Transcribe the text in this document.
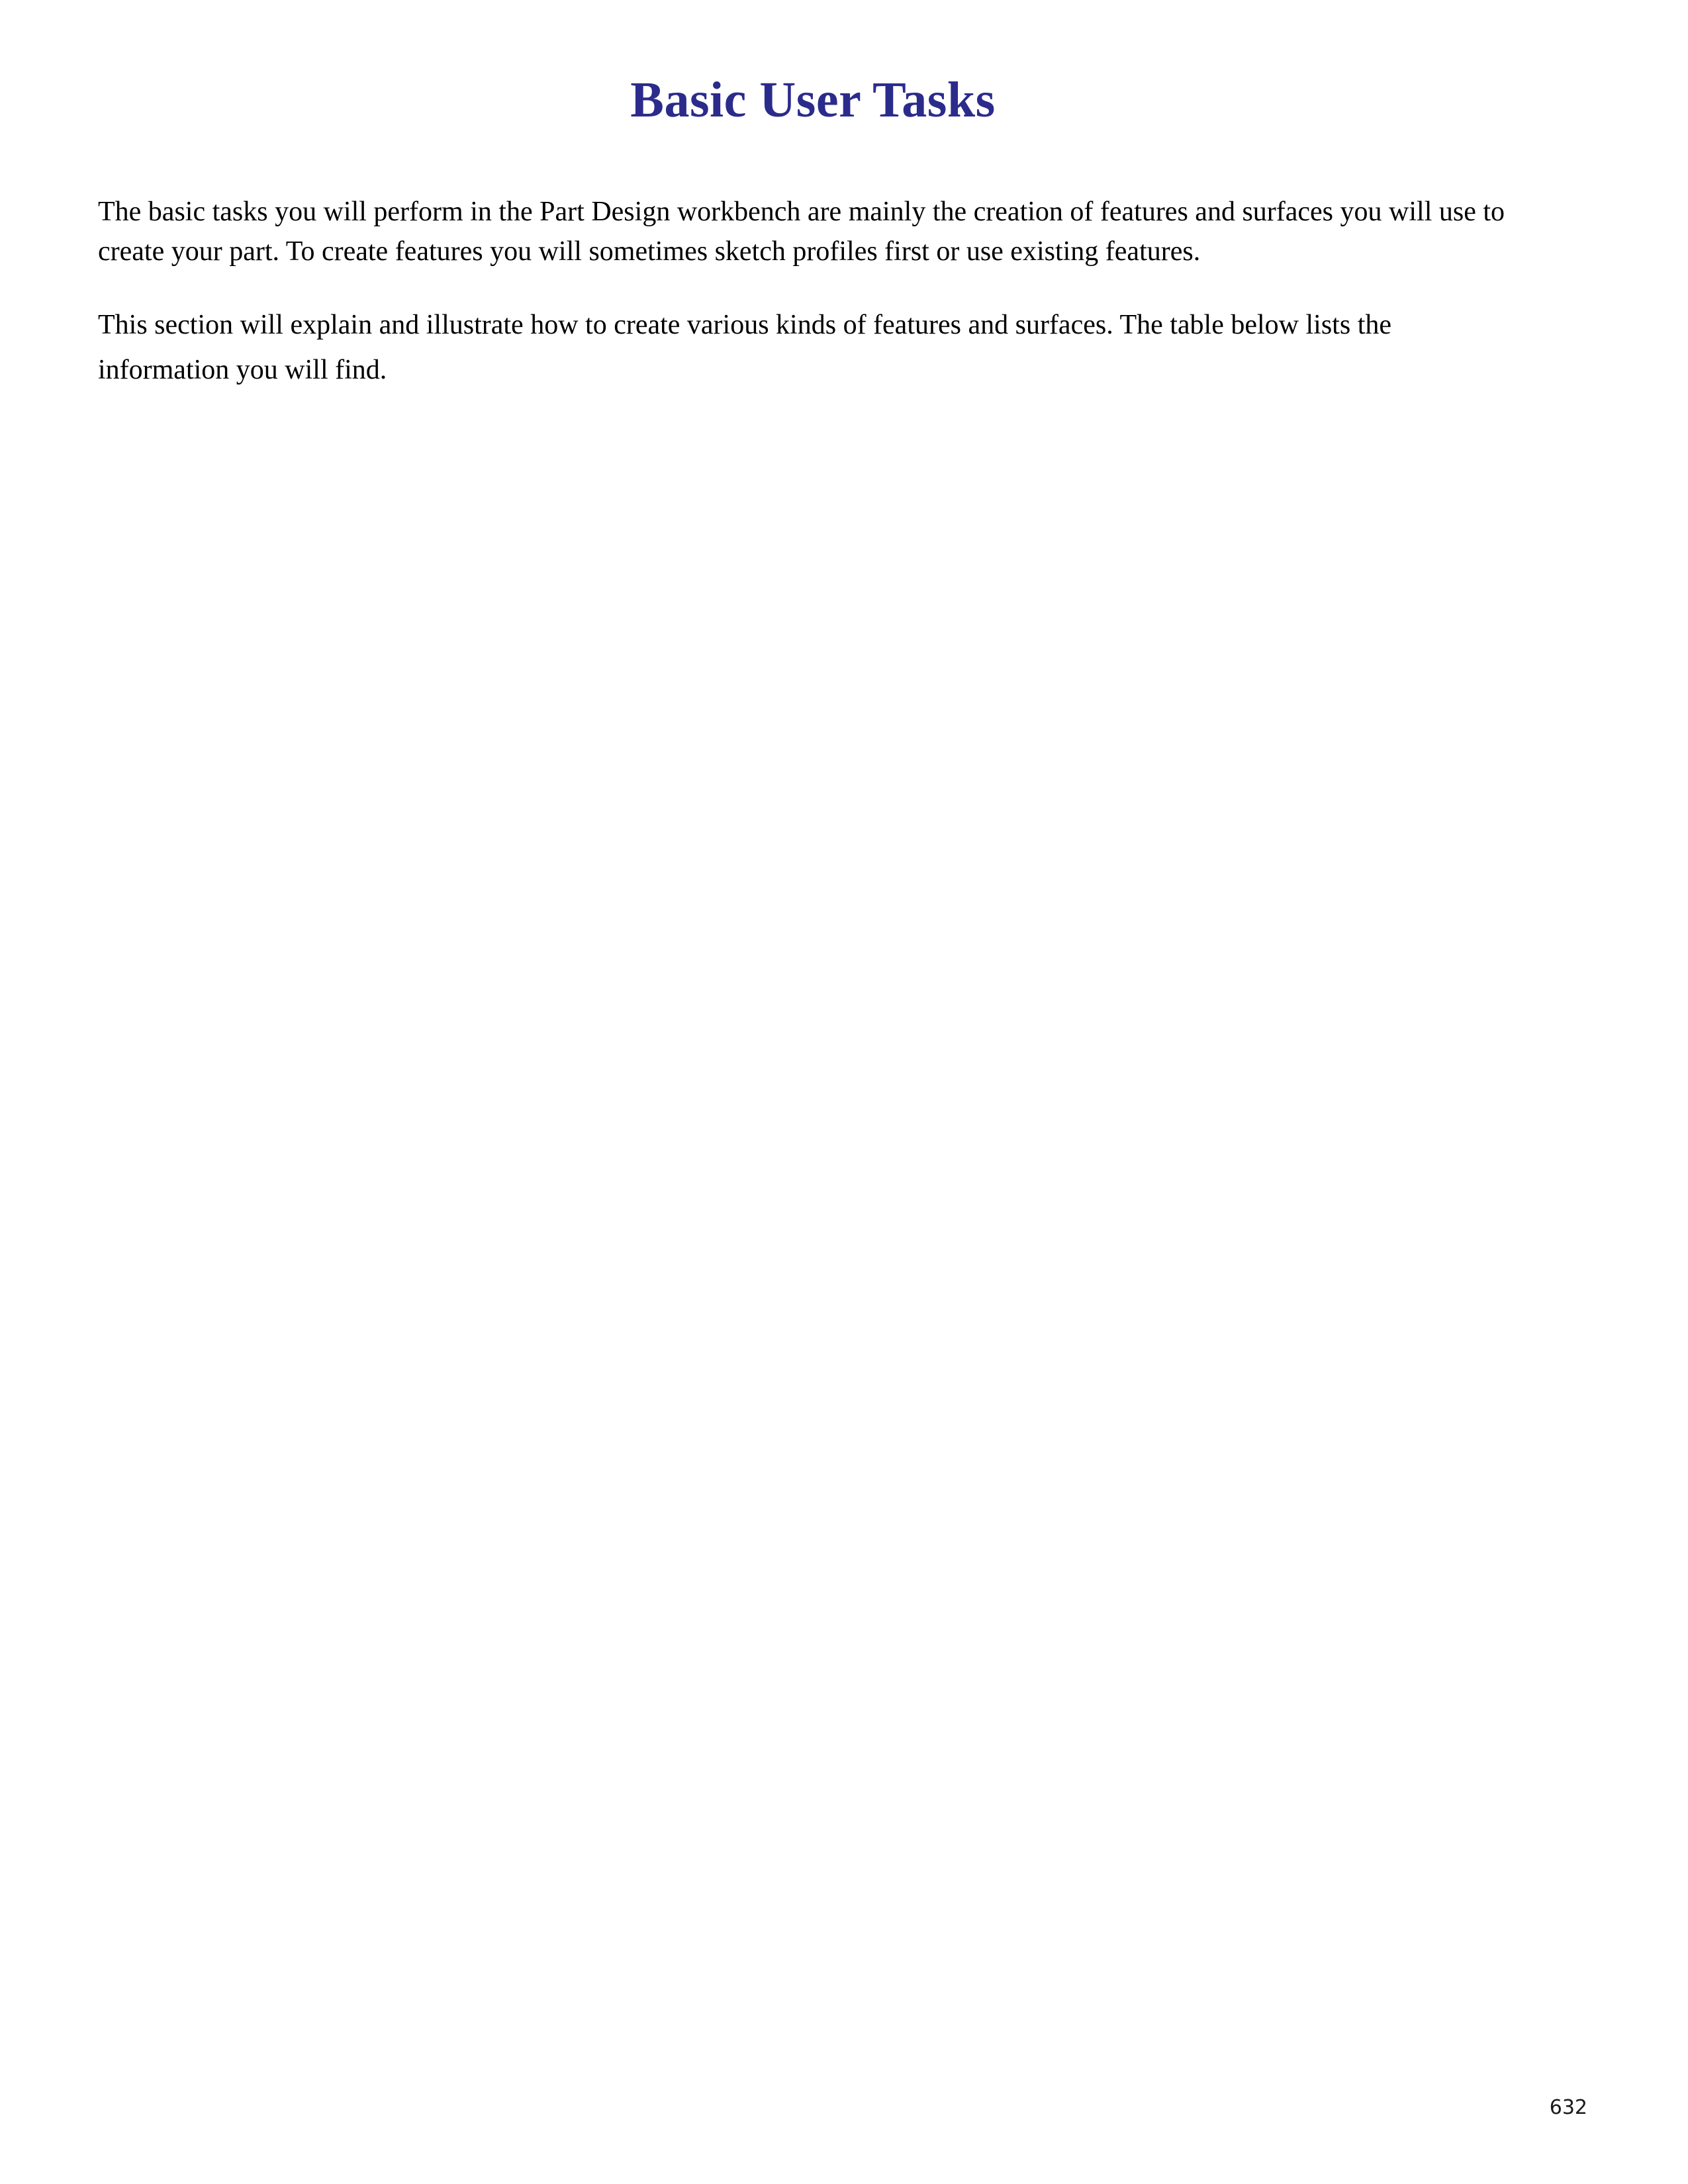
Basic User Tasks

The basic tasks you will perform in the Part Design workbench are mainly the creation of features and surfaces you will use to create your part. To create features you will sometimes sketch profiles first or use existing features.

This section will explain and illustrate how to create various kinds of features and surfaces. The table below lists the information you will find.

632
